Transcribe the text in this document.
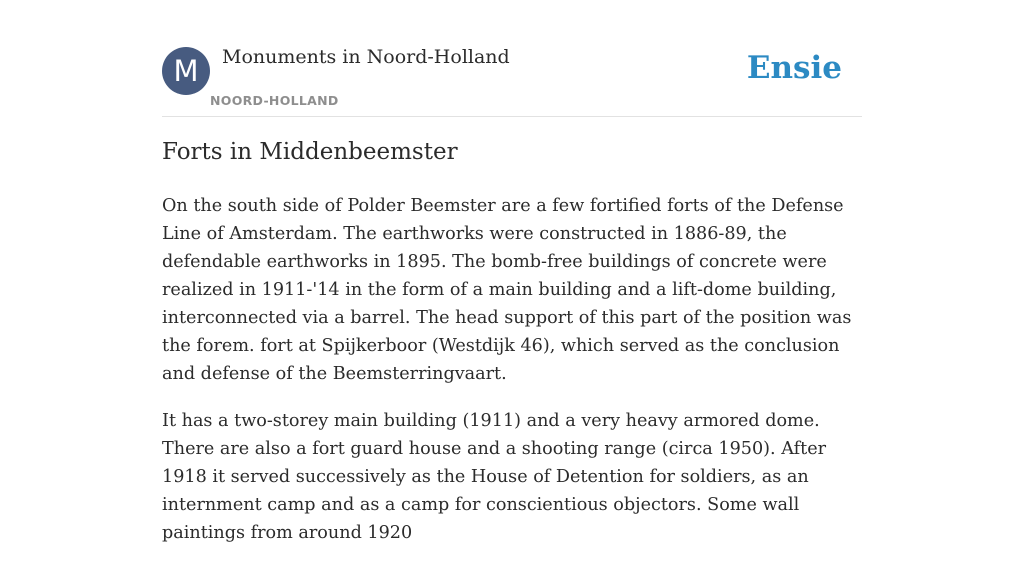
M	Monuments in Noord-Holland
NOORD-HOLLAND
Ensie
Forts in Middenbeemster

On the south side of Polder Beemster are a few fortified forts of the Defense Line of Amsterdam. The earthworks were constructed in 1886-89, the defendable earthworks in 1895. The bomb-free buildings of concrete were realized in 1911-'14 in the form of a main building and a lift-dome building, interconnected via a barrel. The head support of this part of the position was the forem. fort at Spijkerboor (Westdijk 46), which served as the conclusion and defense of the Beemsterringvaart.

It has a two-storey main building (1911) and a very heavy armored dome. There are also a fort guard house and a shooting range (circa 1950). After 1918 it served successively as the House of Detention for soldiers, as an internment camp and as a camp for conscientious objectors. Some wall paintings from around 1920
